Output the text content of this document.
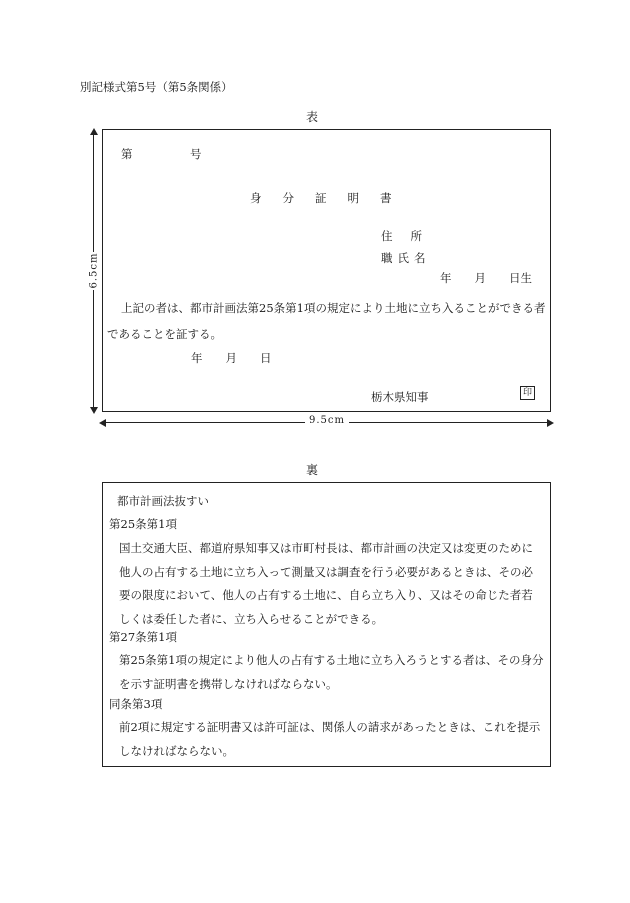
別記様式第5号（第5条関係）
表
6.5cm
9.5cm
第	号
身分証明書
住所
職氏名
年　　月　　日生
上記の者は、都市計画法第25条第1項の規定により土地に立ち入ることができる者
であることを証する。
年　　月　　日
栃木県知事	印
裏
都市計画法抜すい
第25条第1項
国土交通大臣、都道府県知事又は市町村長は、都市計画の決定又は変更のために
他人の占有する土地に立ち入って測量又は調査を行う必要があるときは、その必
要の限度において、他人の占有する土地に、自ら立ち入り、又はその命じた者若
しくは委任した者に、立ち入らせることができる。
第27条第1項
第25条第1項の規定により他人の占有する土地に立ち入ろうとする者は、その身分
を示す証明書を携帯しなければならない。
同条第3項
前2項に規定する証明書又は許可証は、関係人の請求があったときは、これを提示
しなければならない。
